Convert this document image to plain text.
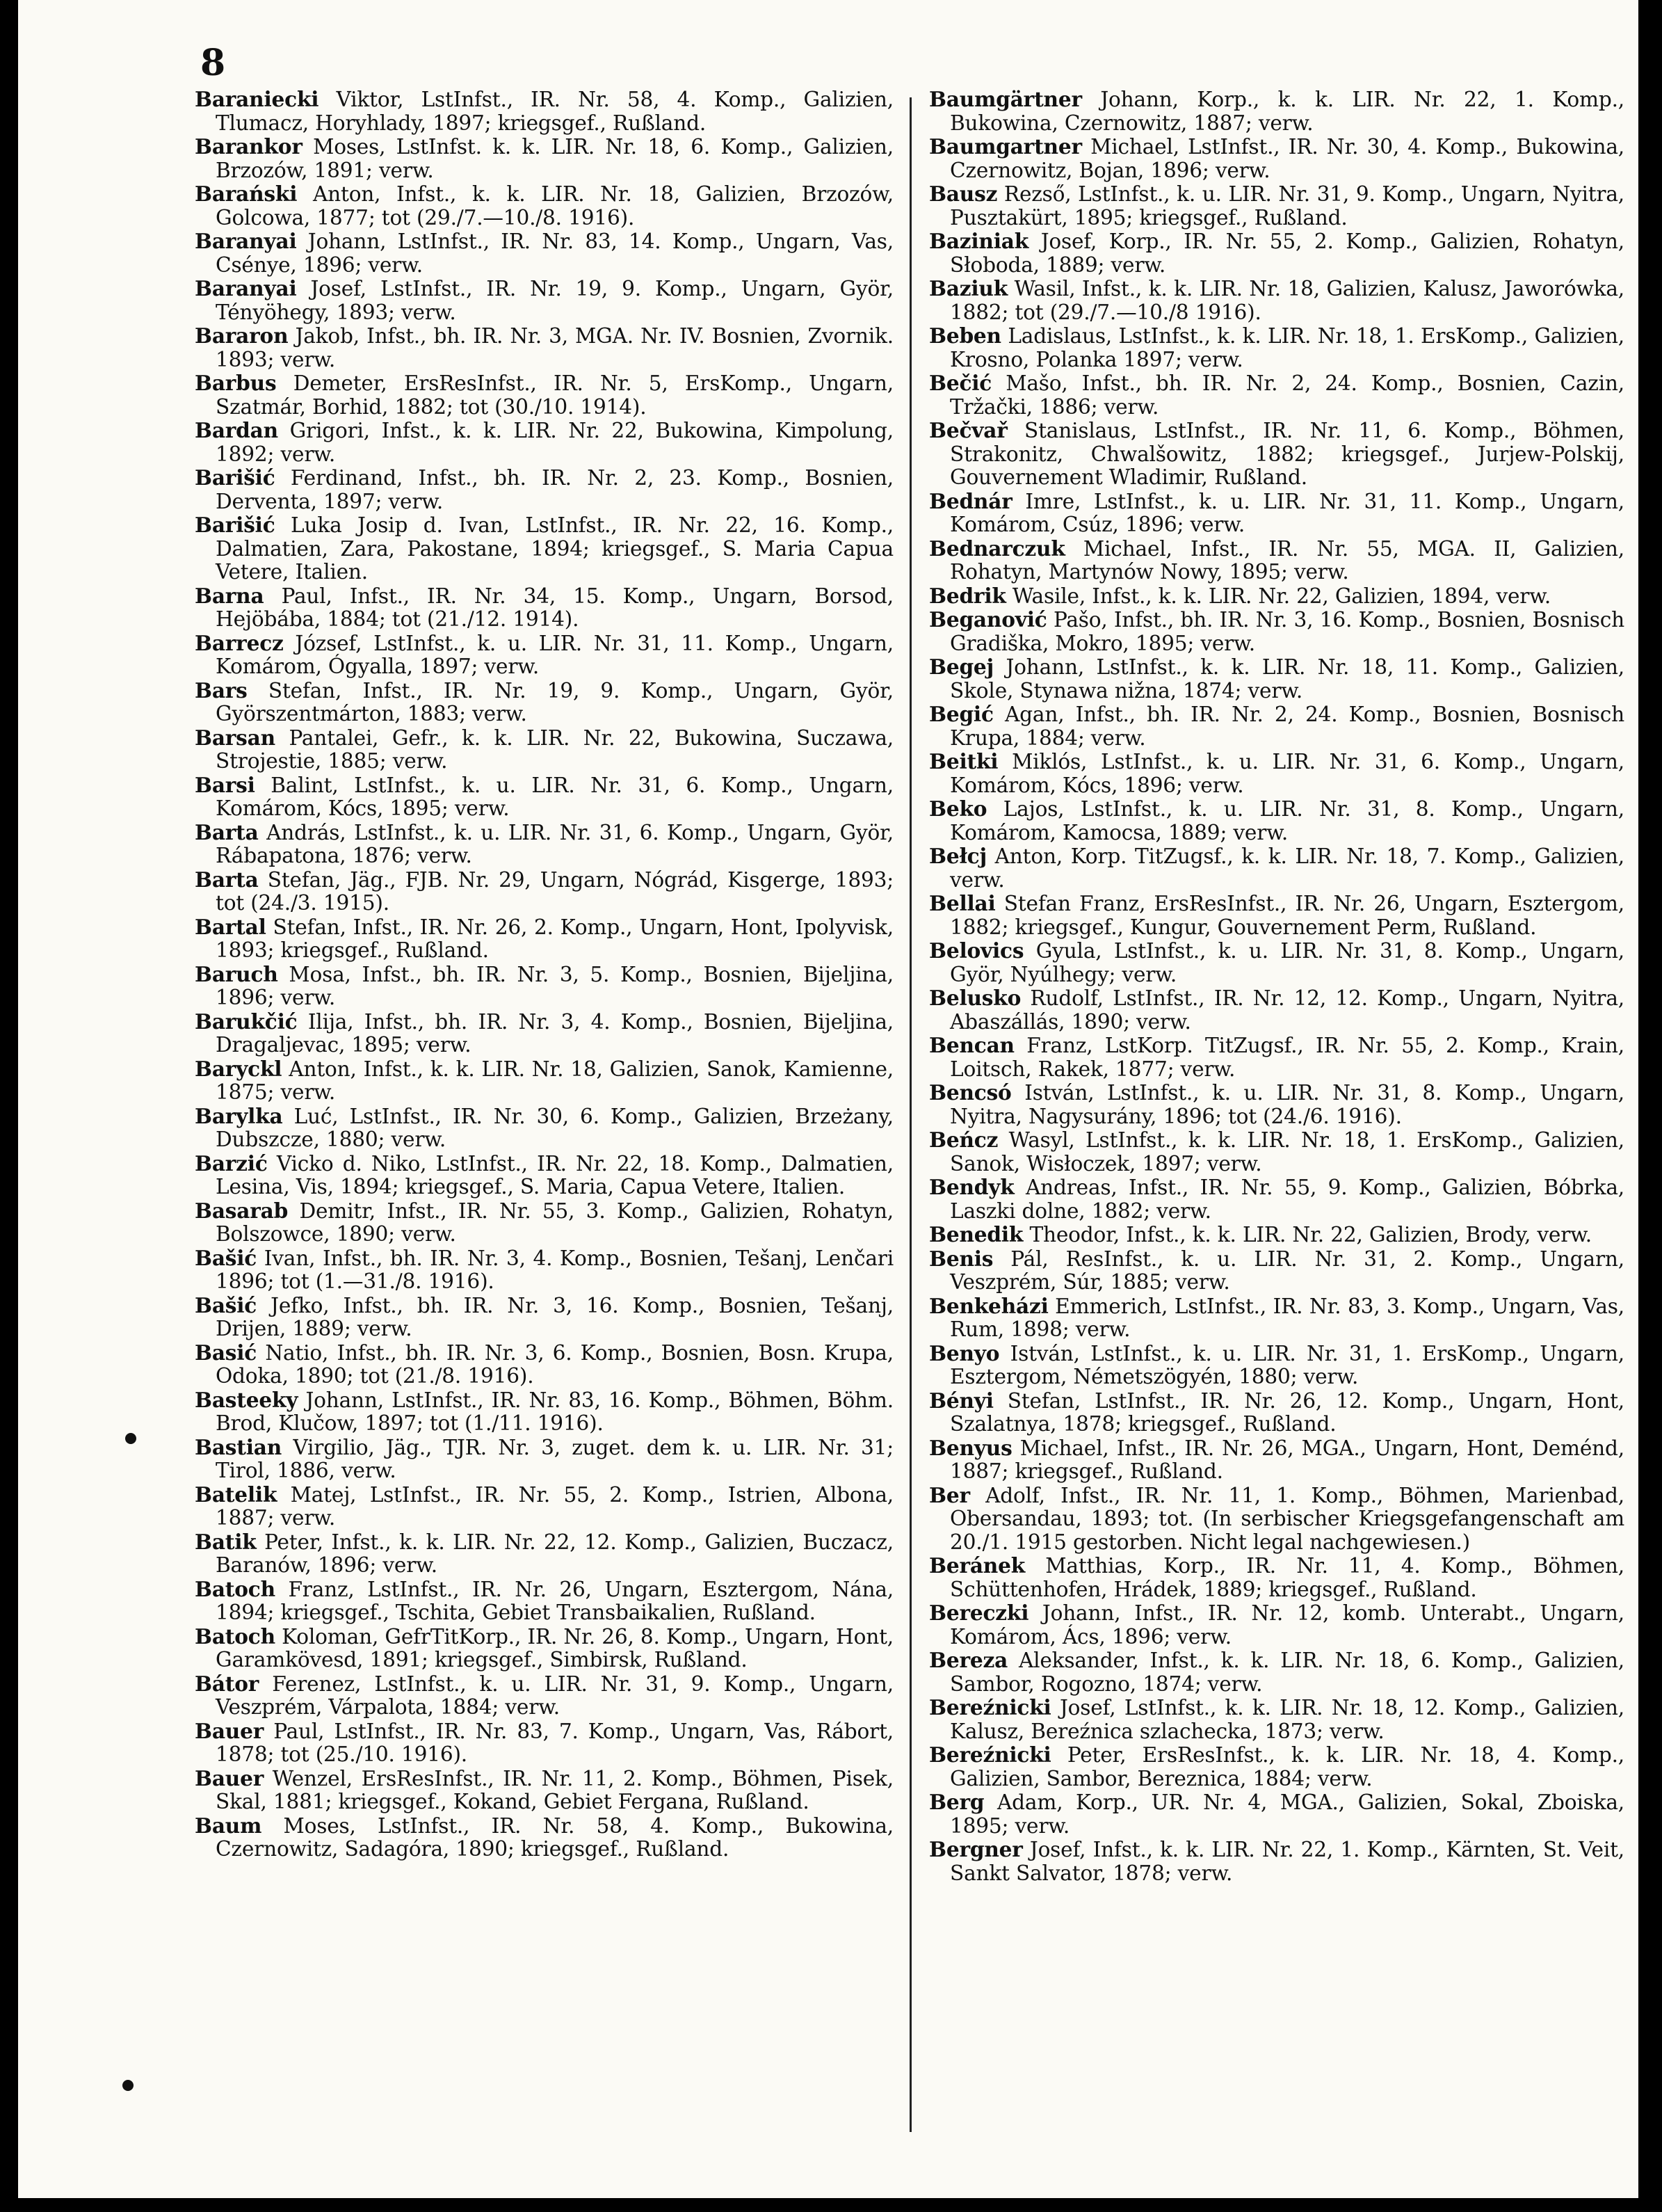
8

Baraniecki Viktor, LstInfst., IR. Nr. 58, 4. Komp., Galizien, Tlumacz, Horyhlady, 1897; kriegsgef., Rußland.

Barankor Moses, LstInfst. k. k. LIR. Nr. 18, 6. Komp., Galizien, Brzozów, 1891; verw.

Barański Anton, Infst., k. k. LIR. Nr. 18, Galizien, Brzozów, Golcowa, 1877; tot (29./7.—10./8. 1916).

Baranyai Johann, LstInfst., IR. Nr. 83, 14. Komp., Ungarn, Vas, Csénye, 1896; verw.

Baranyai Josef, LstInfst., IR. Nr. 19, 9. Komp., Ungarn, Györ, Tényöhegy, 1893; verw.

Bararon Jakob, Infst., bh. IR. Nr. 3, MGA. Nr. IV. Bosnien, Zvornik. 1893; verw.

Barbus Demeter, ErsResInfst., IR. Nr. 5, ErsKomp., Ungarn, Szatmár, Borhid, 1882; tot (30./10. 1914).

Bardan Grigori, Infst., k. k. LIR. Nr. 22, Bukowina, Kimpolung, 1892; verw.

Barišić Ferdinand, Infst., bh. IR. Nr. 2, 23. Komp., Bosnien, Derventa, 1897; verw.

Barišić Luka Josip d. Ivan, LstInfst., IR. Nr. 22, 16. Komp., Dalmatien, Zara, Pakostane, 1894; kriegsgef., S. Maria Capua Vetere, Italien.

Barna Paul, Infst., IR. Nr. 34, 15. Komp., Ungarn, Borsod, Hejöbába, 1884; tot (21./12. 1914).

Barrecz József, LstInfst., k. u. LIR. Nr. 31, 11. Komp., Ungarn, Komárom, Ógyalla, 1897; verw.

Bars Stefan, Infst., IR. Nr. 19, 9. Komp., Ungarn, Györ, Györszentmárton, 1883; verw.

Barsan Pantalei, Gefr., k. k. LIR. Nr. 22, Bukowina, Suczawa, Strojestie, 1885; verw.

Barsi Balint, LstInfst., k. u. LIR. Nr. 31, 6. Komp., Ungarn, Komárom, Kócs, 1895; verw.

Barta András, LstInfst., k. u. LIR. Nr. 31, 6. Komp., Ungarn, Györ, Rábapatona, 1876; verw.

Barta Stefan, Jäg., FJB. Nr. 29, Ungarn, Nógrád, Kisgerge, 1893; tot (24./3. 1915).

Bartal Stefan, Infst., IR. Nr. 26, 2. Komp., Ungarn, Hont, Ipolyvisk, 1893; kriegsgef., Rußland.

Baruch Mosa, Infst., bh. IR. Nr. 3, 5. Komp., Bosnien, Bijeljina, 1896; verw.

Barukčić Ilija, Infst., bh. IR. Nr. 3, 4. Komp., Bosnien, Bijeljina, Dragaljevac, 1895; verw.

Baryckl Anton, Infst., k. k. LIR. Nr. 18, Galizien, Sanok, Kamienne, 1875; verw.

Barylka Luć, LstInfst., IR. Nr. 30, 6. Komp., Galizien, Brzeżany, Dubszcze, 1880; verw.

Barzić Vicko d. Niko, LstInfst., IR. Nr. 22, 18. Komp., Dalmatien, Lesina, Vis, 1894; kriegsgef., S. Maria, Capua Vetere, Italien.

Basarab Demitr, Infst., IR. Nr. 55, 3. Komp., Galizien, Rohatyn, Bolszowce, 1890; verw.

Bašić Ivan, Infst., bh. IR. Nr. 3, 4. Komp., Bosnien, Tešanj, Lenčari 1896; tot (1.—31./8. 1916).

Bašić Jefko, Infst., bh. IR. Nr. 3, 16. Komp., Bosnien, Tešanj, Drijen, 1889; verw.

Basić Natio, Infst., bh. IR. Nr. 3, 6. Komp., Bosnien, Bosn. Krupa, Odoka, 1890; tot (21./8. 1916).

Basteeky Johann, LstInfst., IR. Nr. 83, 16. Komp., Böhmen, Böhm. Brod, Klučow, 1897; tot (1./11. 1916).

Bastian Virgilio, Jäg., TJR. Nr. 3, zuget. dem k. u. LIR. Nr. 31; Tirol, 1886, verw.

Batelik Matej, LstInfst., IR. Nr. 55, 2. Komp., Istrien, Albona, 1887; verw.

Batik Peter, Infst., k. k. LIR. Nr. 22, 12. Komp., Galizien, Buczacz, Baranów, 1896; verw.

Batoch Franz, LstInfst., IR. Nr. 26, Ungarn, Esztergom, Nána, 1894; kriegsgef., Tschita, Gebiet Transbaikalien, Rußland.

Batoch Koloman, GefrTitKorp., IR. Nr. 26, 8. Komp., Ungarn, Hont, Garamkövesd, 1891; kriegsgef., Simbirsk, Rußland.

Bátor Ferenez, LstInfst., k. u. LIR. Nr. 31, 9. Komp., Ungarn, Veszprém, Várpalota, 1884; verw.

Bauer Paul, LstInfst., IR. Nr. 83, 7. Komp., Ungarn, Vas, Rábort, 1878; tot (25./10. 1916).

Bauer Wenzel, ErsResInfst., IR. Nr. 11, 2. Komp., Böhmen, Pisek, Skal, 1881; kriegsgef., Kokand, Gebiet Fergana, Rußland.

Baum Moses, LstInfst., IR. Nr. 58, 4. Komp., Bukowina, Czernowitz, Sadagóra, 1890; kriegsgef., Rußland.

Baumgärtner Johann, Korp., k. k. LIR. Nr. 22, 1. Komp., Bukowina, Czernowitz, 1887; verw.

Baumgartner Michael, LstInfst., IR. Nr. 30, 4. Komp., Bukowina, Czernowitz, Bojan, 1896; verw.

Bausz Rezső, LstInfst., k. u. LIR. Nr. 31, 9. Komp., Ungarn, Nyitra, Pusztakürt, 1895; kriegsgef., Rußland.

Baziniak Josef, Korp., IR. Nr. 55, 2. Komp., Galizien, Rohatyn, Słoboda, 1889; verw.

Baziuk Wasil, Infst., k. k. LIR. Nr. 18, Galizien, Kalusz, Jaworówka, 1882; tot (29./7.—10./8 1916).

Beben Ladislaus, LstInfst., k. k. LIR. Nr. 18, 1. ErsKomp., Galizien, Krosno, Polanka 1897; verw.

Bečić Mašo, Infst., bh. IR. Nr. 2, 24. Komp., Bosnien, Cazin, Tržački, 1886; verw.

Bečvař Stanislaus, LstInfst., IR. Nr. 11, 6. Komp., Böhmen, Strakonitz, Chwalšowitz, 1882; kriegsgef., Jurjew-Polskij, Gouvernement Wladimir, Rußland.

Bednár Imre, LstInfst., k. u. LIR. Nr. 31, 11. Komp., Ungarn, Komárom, Csúz, 1896; verw.

Bednarczuk Michael, Infst., IR. Nr. 55, MGA. II, Galizien, Rohatyn, Martynów Nowy, 1895; verw.

Bedrik Wasile, Infst., k. k. LIR. Nr. 22, Galizien, 1894, verw.

Beganović Pašo, Infst., bh. IR. Nr. 3, 16. Komp., Bosnien, Bosnisch Gradiška, Mokro, 1895; verw.

Begej Johann, LstInfst., k. k. LIR. Nr. 18, 11. Komp., Galizien, Skole, Stynawa nižna, 1874; verw.

Begić Agan, Infst., bh. IR. Nr. 2, 24. Komp., Bosnien, Bosnisch Krupa, 1884; verw.

Beitki Miklós, LstInfst., k. u. LIR. Nr. 31, 6. Komp., Ungarn, Komárom, Kócs, 1896; verw.

Beko Lajos, LstInfst., k. u. LIR. Nr. 31, 8. Komp., Ungarn, Komárom, Kamocsa, 1889; verw.

Bełcj Anton, Korp. TitZugsf., k. k. LIR. Nr. 18, 7. Komp., Galizien, verw.

Bellai Stefan Franz, ErsResInfst., IR. Nr. 26, Ungarn, Esztergom, 1882; kriegsgef., Kungur, Gouvernement Perm, Rußland.

Belovics Gyula, LstInfst., k. u. LIR. Nr. 31, 8. Komp., Ungarn, Györ, Nyúlhegy; verw.

Belusko Rudolf, LstInfst., IR. Nr. 12, 12. Komp., Ungarn, Nyitra, Abaszállás, 1890; verw.

Bencan Franz, LstKorp. TitZugsf., IR. Nr. 55, 2. Komp., Krain, Loitsch, Rakek, 1877; verw.

Bencsó István, LstInfst., k. u. LIR. Nr. 31, 8. Komp., Ungarn, Nyitra, Nagysurány, 1896; tot (24./6. 1916).

Beńcz Wasyl, LstInfst., k. k. LIR. Nr. 18, 1. ErsKomp., Galizien, Sanok, Wisłoczek, 1897; verw.

Bendyk Andreas, Infst., IR. Nr. 55, 9. Komp., Galizien, Bóbrka, Laszki dolne, 1882; verw.

Benedik Theodor, Infst., k. k. LIR. Nr. 22, Galizien, Brody, verw.

Benis Pál, ResInfst., k. u. LIR. Nr. 31, 2. Komp., Ungarn, Veszprém, Súr, 1885; verw.

Benkeházi Emmerich, LstInfst., IR. Nr. 83, 3. Komp., Ungarn, Vas, Rum, 1898; verw.

Benyo István, LstInfst., k. u. LIR. Nr. 31, 1. ErsKomp., Ungarn, Esztergom, Németszögyén, 1880; verw.

Bényi Stefan, LstInfst., IR. Nr. 26, 12. Komp., Ungarn, Hont, Szalatnya, 1878; kriegsgef., Rußland.

Benyus Michael, Infst., IR. Nr. 26, MGA., Ungarn, Hont, Deménd, 1887; kriegsgef., Rußland.

Ber Adolf, Infst., IR. Nr. 11, 1. Komp., Böhmen, Marienbad, Obersandau, 1893; tot. (In serbischer Kriegsgefangenschaft am 20./1. 1915 gestorben. Nicht legal nachgewiesen.)

Beránek Matthias, Korp., IR. Nr. 11, 4. Komp., Böhmen, Schüttenhofen, Hrádek, 1889; kriegsgef., Rußland.

Bereczki Johann, Infst., IR. Nr. 12, komb. Unterabt., Ungarn, Komárom, Ács, 1896; verw.

Bereza Aleksander, Infst., k. k. LIR. Nr. 18, 6. Komp., Galizien, Sambor, Rogozno, 1874; verw.

Bereźnicki Josef, LstInfst., k. k. LIR. Nr. 18, 12. Komp., Galizien, Kalusz, Bereźnica szlachecka, 1873; verw.

Bereźnicki Peter, ErsResInfst., k. k. LIR. Nr. 18, 4. Komp., Galizien, Sambor, Bereznica, 1884; verw.

Berg Adam, Korp., UR. Nr. 4, MGA., Galizien, Sokal, Zboiska, 1895; verw.

Bergner Josef, Infst., k. k. LIR. Nr. 22, 1. Komp., Kärnten, St. Veit, Sankt Salvator, 1878; verw.
